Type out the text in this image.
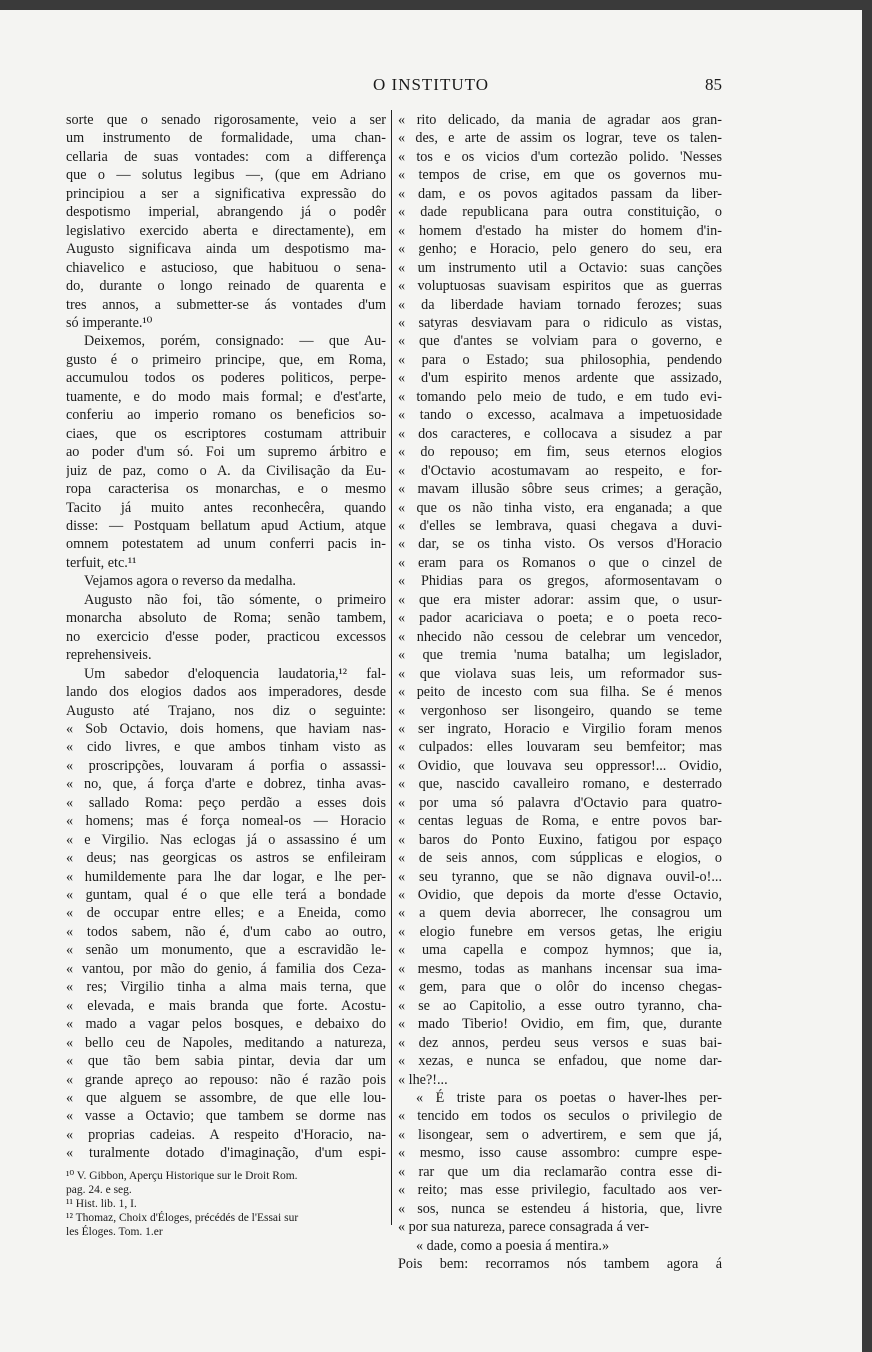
O INSTITUTO	85
sorte que o senado rigorosamente, veio a ser
um instrumento de formalidade, uma chan-
cellaria de suas vontades: com a differença
que o — solutus legibus —, (que em Adriano
principiou a ser a significativa expressão do
despotismo imperial, abrangendo já o podêr
legislativo exercido aberta e directamente), em
Augusto significava ainda um despotismo ma-
chiavelico e astucioso, que habituou o sena-
do, durante o longo reinado de quarenta e
tres annos, a submetter-se ás vontades d'um
só imperante.¹⁰
Deixemos, porém, consignado: — que Au-
gusto é o primeiro principe, que, em Roma,
accumulou todos os poderes politicos, perpe-
tuamente, e do modo mais formal; e d'est'arte,
conferiu ao imperio romano os beneficios so-
ciaes, que os escriptores costumam attribuir
ao poder d'um só. Foi um supremo árbitro e
juiz de paz, como o A. da Civilisação da Eu-
ropa caracterisa os monarchas, e o mesmo
Tacito já muito antes reconhecêra, quando
disse: — Postquam bellatum apud Actium, atque
omnem potestatem ad unum conferri pacis in-
terfuit, etc.¹¹
Vejamos agora o reverso da medalha.
Augusto não foi, tão sómente, o primeiro
monarcha absoluto de Roma; senão tambem,
no exercicio d'esse poder, practicou excessos
reprehensiveis.
Um sabedor d'eloquencia laudatoria,¹² fal-
lando dos elogios dados aos imperadores, desde
Augusto até Trajano, nos diz o seguinte:
« Sob Octavio, dois homens, que haviam nas-
« cido livres, e que ambos tinham visto as
« proscripções, louvaram á porfia o assassi-
« no, que, á força d'arte e dobrez, tinha avas-
« sallado Roma: peço perdão a esses dois
« homens; mas é força nomeal-os — Horacio
« e Virgilio. Nas eclogas já o assassino é um
« deus; nas georgicas os astros se enfileiram
« humildemente para lhe dar logar, e lhe per-
« guntam, qual é o que elle terá a bondade
« de occupar entre elles; e a Eneida, como
« todos sabem, não é, d'um cabo ao outro,
« senão um monumento, que a escravidão le-
« vantou, por mão do genio, á familia dos Ceza-
« res; Virgilio tinha a alma mais terna, que
« elevada, e mais branda que forte. Acostu-
« mado a vagar pelos bosques, e debaixo do
« bello ceu de Napoles, meditando a natureza,
« que tão bem sabia pintar, devia dar um
« grande apreço ao repouso: não é razão pois
« que alguem se assombre, de que elle lou-
« vasse a Octavio; que tambem se dorme nas
« proprias cadeias. A respeito d'Horacio, na-
« turalmente dotado d'imaginação, d'um espi-
¹⁰ V. Gibbon, Aperçu Historique sur le Droit Rom.
pag. 24. e seg.
¹¹ Hist. lib. 1, I.
¹² Thomaz, Choix d'Éloges, précédés de l'Essai sur
les Éloges. Tom. 1.er
« rito delicado, da mania de agradar aos gran-
« des, e arte de assim os lograr, teve os talen-
« tos e os vicios d'um cortezão polido. 'Nesses
« tempos de crise, em que os governos mu-
« dam, e os povos agitados passam da liber-
« dade republicana para outra constituição, o
« homem d'estado ha mister do homem d'in-
« genho; e Horacio, pelo genero do seu, era
« um instrumento util a Octavio: suas canções
« voluptuosas suavisam espiritos que as guerras
« da liberdade haviam tornado ferozes; suas
« satyras desviavam para o ridiculo as vistas,
« que d'antes se volviam para o governo, e
« para o Estado; sua philosophia, pendendo
« d'um espirito menos ardente que assizado,
« tomando pelo meio de tudo, e em tudo evi-
« tando o excesso, acalmava a impetuosidade
« dos caracteres, e collocava a sisudez a par
« do repouso; em fim, seus eternos elogios
« d'Octavio acostumavam ao respeito, e for-
« mavam illusão sôbre seus crimes; a geração,
« que os não tinha visto, era enganada; a que
« d'elles se lembrava, quasi chegava a duvi-
« dar, se os tinha visto. Os versos d'Horacio
« eram para os Romanos o que o cinzel de
« Phidias para os gregos, aformosentavam o
« que era mister adorar: assim que, o usur-
« pador acariciava o poeta; e o poeta reco-
« nhecido não cessou de celebrar um vencedor,
« que tremia 'numa batalha; um legislador,
« que violava suas leis, um reformador sus-
« peito de incesto com sua filha. Se é menos
« vergonhoso ser lisongeiro, quando se teme
« ser ingrato, Horacio e Virgilio foram menos
« culpados: elles louvaram seu bemfeitor; mas
« Ovidio, que louvava seu oppressor!... Ovidio,
« que, nascido cavalleiro romano, e desterrado
« por uma só palavra d'Octavio para quatro-
« centas leguas de Roma, e entre povos bar-
« baros do Ponto Euxino, fatigou por espaço
« de seis annos, com súpplicas e elogios, o
« seu tyranno, que se não dignava ouvil-o!...
« Ovidio, que depois da morte d'esse Octavio,
« a quem devia aborrecer, lhe consagrou um
« elogio funebre em versos getas, lhe erigiu
« uma capella e compoz hymnos; que ia,
« mesmo, todas as manhans incensar sua ima-
« gem, para que o olôr do incenso chegas-
« se ao Capitolio, a esse outro tyranno, cha-
« mado Tiberio! Ovidio, em fim, que, durante
« dez annos, perdeu seus versos e suas bai-
« xezas, e nunca se enfadou, que nome dar-
« lhe?!...
« É triste para os poetas o haver-lhes per-
« tencido em todos os seculos o privilegio de
« lisongear, sem o advertirem, e sem que já,
« mesmo, isso cause assombro: cumpre espe-
« rar que um dia reclamarão contra esse di-
« reito; mas esse privilegio, facultado aos ver-
« sos, nunca se estendeu á historia, que, livre
« por sua natureza, parece consagrada á ver-
« dade, como a poesia á mentira.»
Pois bem: recorramos nós tambem agora á
